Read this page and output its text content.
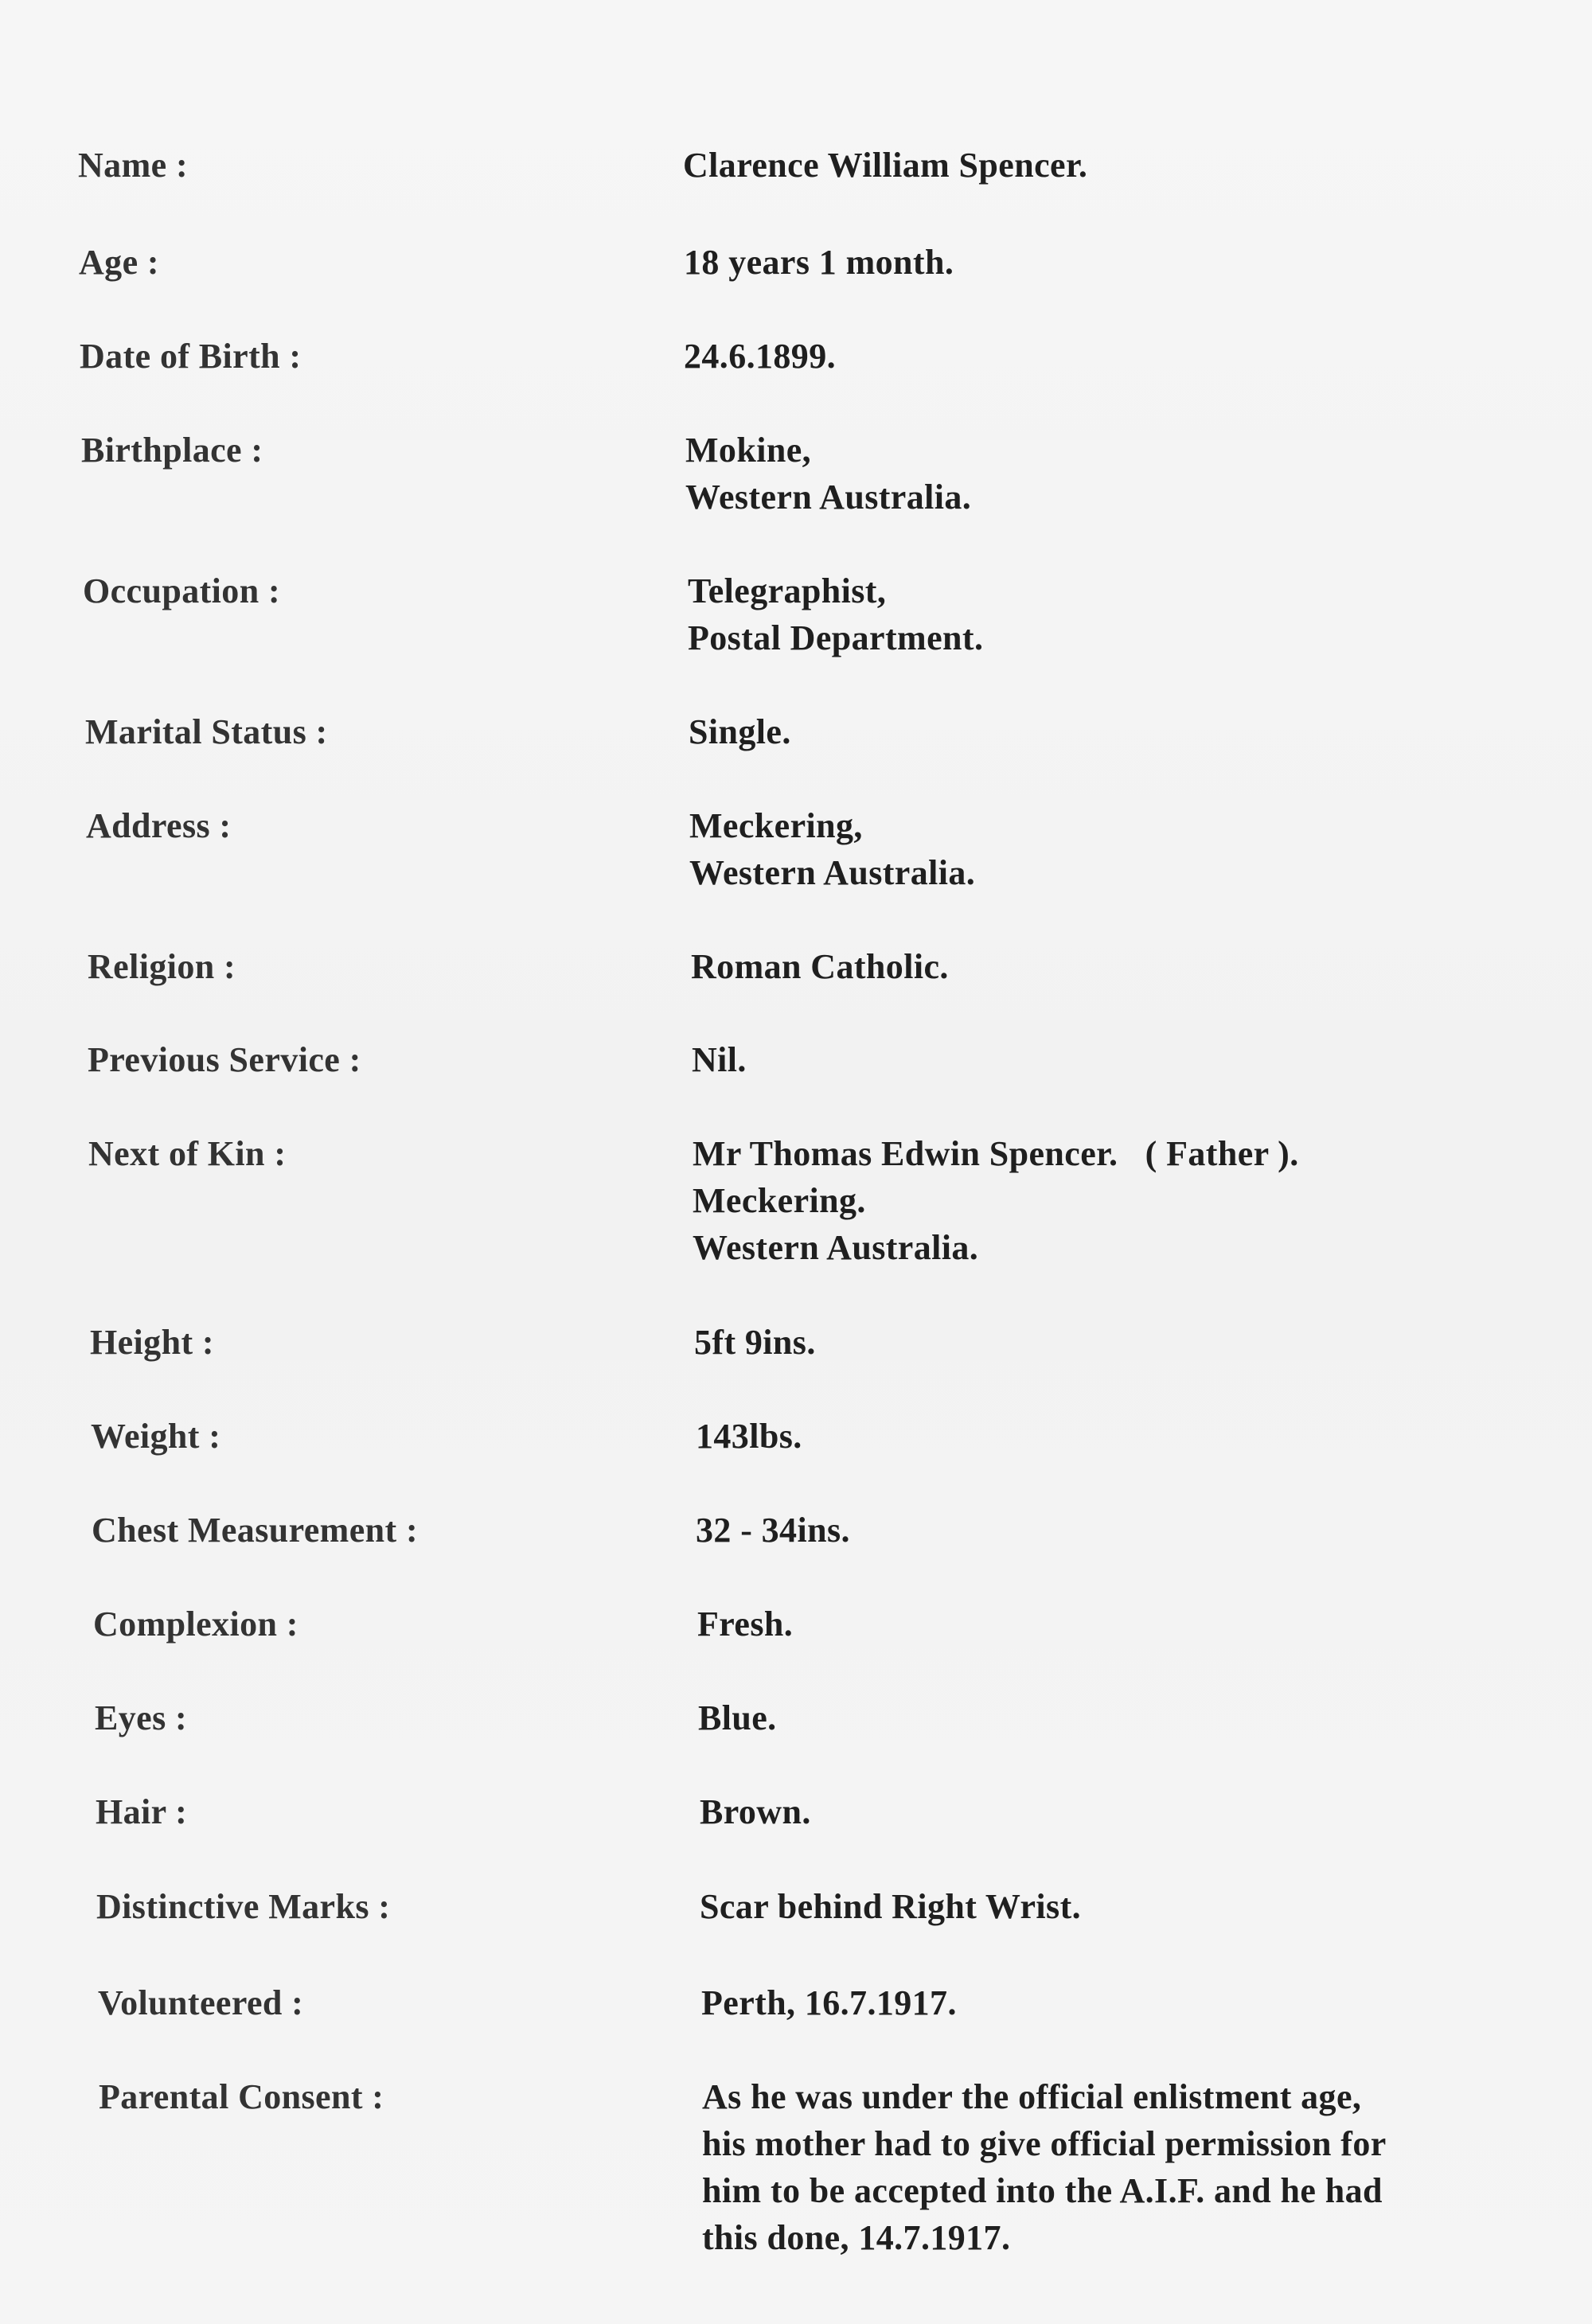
Name :	Clarence William Spencer.
Age :	18 years 1 month.
Date of Birth :	24.6.1899.
Birthplace :	Mokine,
Western Australia.
Occupation :	Telegraphist,
Postal Department.
Marital Status :	Single.
Address :	Meckering,
Western Australia.
Religion :	Roman Catholic.
Previous Service :	Nil.
Next of Kin :	Mr Thomas Edwin Spencer.   ( Father ).
Meckering.
Western Australia.
Height :	5ft 9ins.
Weight :	143lbs.
Chest Measurement :	32 - 34ins.
Complexion :	Fresh.
Eyes :	Blue.
Hair :	Brown.
Distinctive Marks :	Scar behind Right Wrist.
Volunteered :	Perth, 16.7.1917.
Parental Consent :	As he was under the official enlistment age,
his mother had to give official permission for
him to be accepted into the A.I.F. and he had
this done, 14.7.1917.
